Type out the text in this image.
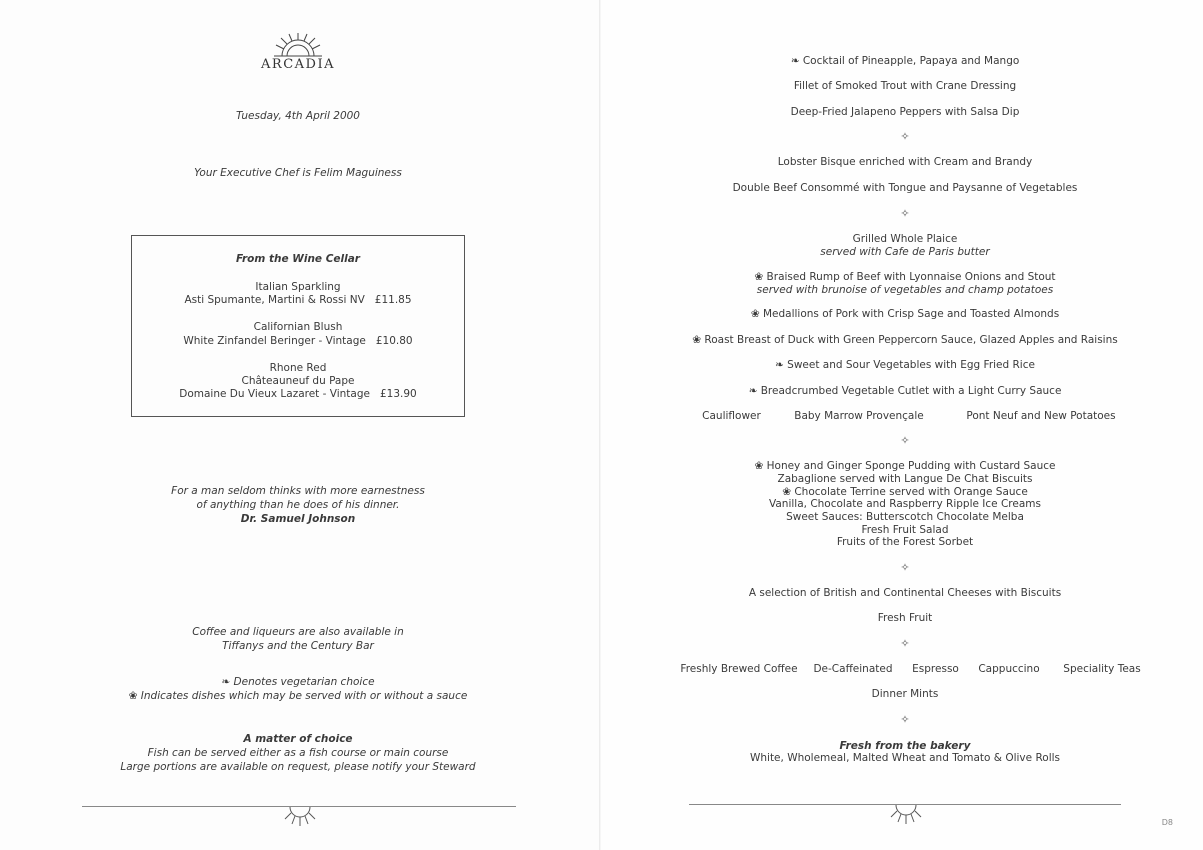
ARCADIA
Tuesday, 4th April 2000
Your Executive Chef is Felim Maguiness
From the Wine Cellar
Italian Sparkling
Asti Spumante, Martini & Rossi NV £11.85
Californian Blush
White Zinfandel Beringer - Vintage £10.80
Rhone Red
Châteauneuf du Pape
Domaine Du Vieux Lazaret - Vintage £13.90
For a man seldom thinks with more earnestness
of anything than he does of his dinner.
Dr. Samuel Johnson
Coffee and liqueurs are also available in
Tiffanys and the Century Bar
❧ Denotes vegetarian choice
❀ Indicates dishes which may be served with or without a sauce
A matter of choice
Fish can be served either as a fish course or main course
Large portions are available on request, please notify your Steward
❧ Cocktail of Pineapple, Papaya and Mango
Fillet of Smoked Trout with Crane Dressing
Deep-Fried Jalapeno Peppers with Salsa Dip
✧
Lobster Bisque enriched with Cream and Brandy
Double Beef Consommé with Tongue and Paysanne of Vegetables
✧
Grilled Whole Plaice
served with Cafe de Paris butter
❀ Braised Rump of Beef with Lyonnaise Onions and Stout
served with brunoise of vegetables and champ potatoes
❀ Medallions of Pork with Crisp Sage and Toasted Almonds
❀ Roast Breast of Duck with Green Peppercorn Sauce, Glazed Apples and Raisins
❧ Sweet and Sour Vegetables with Egg Fried Rice
❧ Breadcrumbed Vegetable Cutlet with a Light Curry Sauce
Cauliflower	Baby Marrow Provençale	Pont Neuf and New Potatoes
✧
❀ Honey and Ginger Sponge Pudding with Custard Sauce
Zabaglione served with Langue De Chat Biscuits
❀ Chocolate Terrine served with Orange Sauce
Vanilla, Chocolate and Raspberry Ripple Ice Creams
Sweet Sauces: Butterscotch Chocolate Melba
Fresh Fruit Salad
Fruits of the Forest Sorbet
✧
A selection of British and Continental Cheeses with Biscuits
Fresh Fruit
✧
Freshly Brewed Coffee	De-Caffeinated	Espresso	Cappuccino	Speciality Teas
Dinner Mints
✧
Fresh from the bakery
White, Wholemeal, Malted Wheat and Tomato & Olive Rolls
D8
